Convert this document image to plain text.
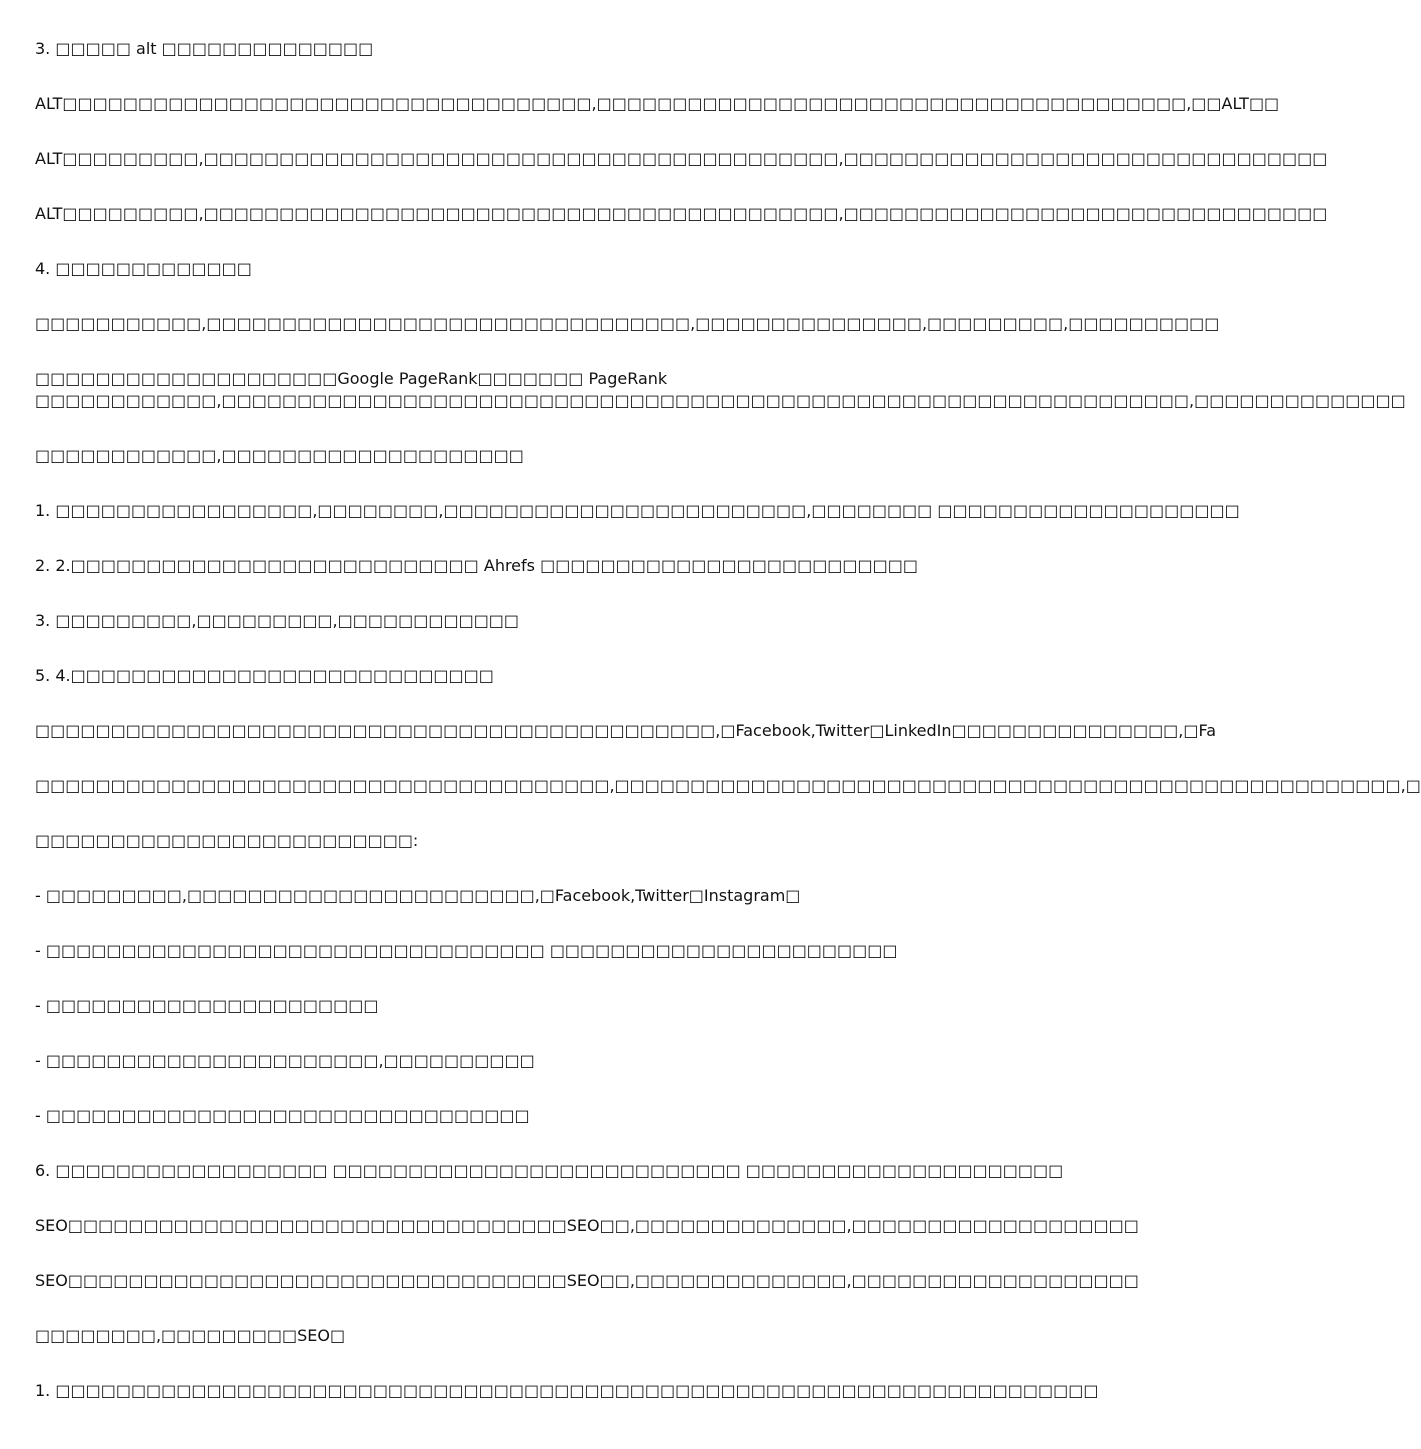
3. □□□□□ alt □□□□□□□□□□□□□□
ALT□□□□□□□□□□□□□□□□□□□□□□□□□□□□□□□□□□□,□□□□□□□□□□□□□□□□□□□□□□□□□□□□□□□□□□□□□□□,□□ALT□□
ALT□□□□□□□□□,□□□□□□□□□□□□□□□□□□□□□□□□□□□□□□□□□□□□□□□□□□,□□□□□□□□□□□□□□□□□□□□□□□□□□□□□□□□
ALT□□□□□□□□□,□□□□□□□□□□□□□□□□□□□□□□□□□□□□□□□□□□□□□□□□□□,□□□□□□□□□□□□□□□□□□□□□□□□□□□□□□□□
4. □□□□□□□□□□□□□
□□□□□□□□□□□,□□□□□□□□□□□□□□□□□□□□□□□□□□□□□□□□,□□□□□□□□□□□□□□□,□□□□□□□□□,□□□□□□□□□□
□□□□□□□□□□□□□□□□□□□□Google PageRank□□□□□□□ PageRank
□□□□□□□□□□□□,□□□□□□□□□□□□□□□□□□□□□□□□□□□□□□□□□□□□□□□□□□□□□□□□□□□□□□□□□□□□□□□□,□□□□□□□□□□□□□□
□□□□□□□□□□□□,□□□□□□□□□□□□□□□□□□□□
1. □□□□□□□□□□□□□□□□□,□□□□□□□□,□□□□□□□□□□□□□□□□□□□□□□□□,□□□□□□□□ □□□□□□□□□□□□□□□□□□□□
2. 2.□□□□□□□□□□□□□□□□□□□□□□□□□□□ Ahrefs □□□□□□□□□□□□□□□□□□□□□□□□□
3. □□□□□□□□□,□□□□□□□□□,□□□□□□□□□□□□
5. 4.□□□□□□□□□□□□□□□□□□□□□□□□□□□□
□□□□□□□□□□□□□□□□□□□□□□□□□□□□□□□□□□□□□□□□□□□□□,□Facebook,Twitter□LinkedIn□□□□□□□□□□□□□□□,□Fa
□□□□□□□□□□□□□□□□□□□□□□□□□□□□□□□□□□□□□□,□□□□□□□□□□□□□□□□□□□□□□□□□□□□□□□□□□□□□□□□□□□□□□□□□□□□,□
□□□□□□□□□□□□□□□□□□□□□□□□□:
- □□□□□□□□□,□□□□□□□□□□□□□□□□□□□□□□□,□Facebook,Twitter□Instagram□
- □□□□□□□□□□□□□□□□□□□□□□□□□□□□□□□□□ □□□□□□□□□□□□□□□□□□□□□□□
- □□□□□□□□□□□□□□□□□□□□□□
- □□□□□□□□□□□□□□□□□□□□□□,□□□□□□□□□□
- □□□□□□□□□□□□□□□□□□□□□□□□□□□□□□□□
6. □□□□□□□□□□□□□□□□□□ □□□□□□□□□□□□□□□□□□□□□□□□□□□ □□□□□□□□□□□□□□□□□□□□□
SEO□□□□□□□□□□□□□□□□□□□□□□□□□□□□□□□□□SEO□□,□□□□□□□□□□□□□□,□□□□□□□□□□□□□□□□□□□
SEO□□□□□□□□□□□□□□□□□□□□□□□□□□□□□□□□□SEO□□,□□□□□□□□□□□□□□,□□□□□□□□□□□□□□□□□□□
□□□□□□□□,□□□□□□□□□SEO□
1. □□□□□□□□□□□□□□□□□□□□□□□□□□□□□□□□□□□□□□□□□□□□□□□□□□□□□□□□□□□□□□□□□□□□□
